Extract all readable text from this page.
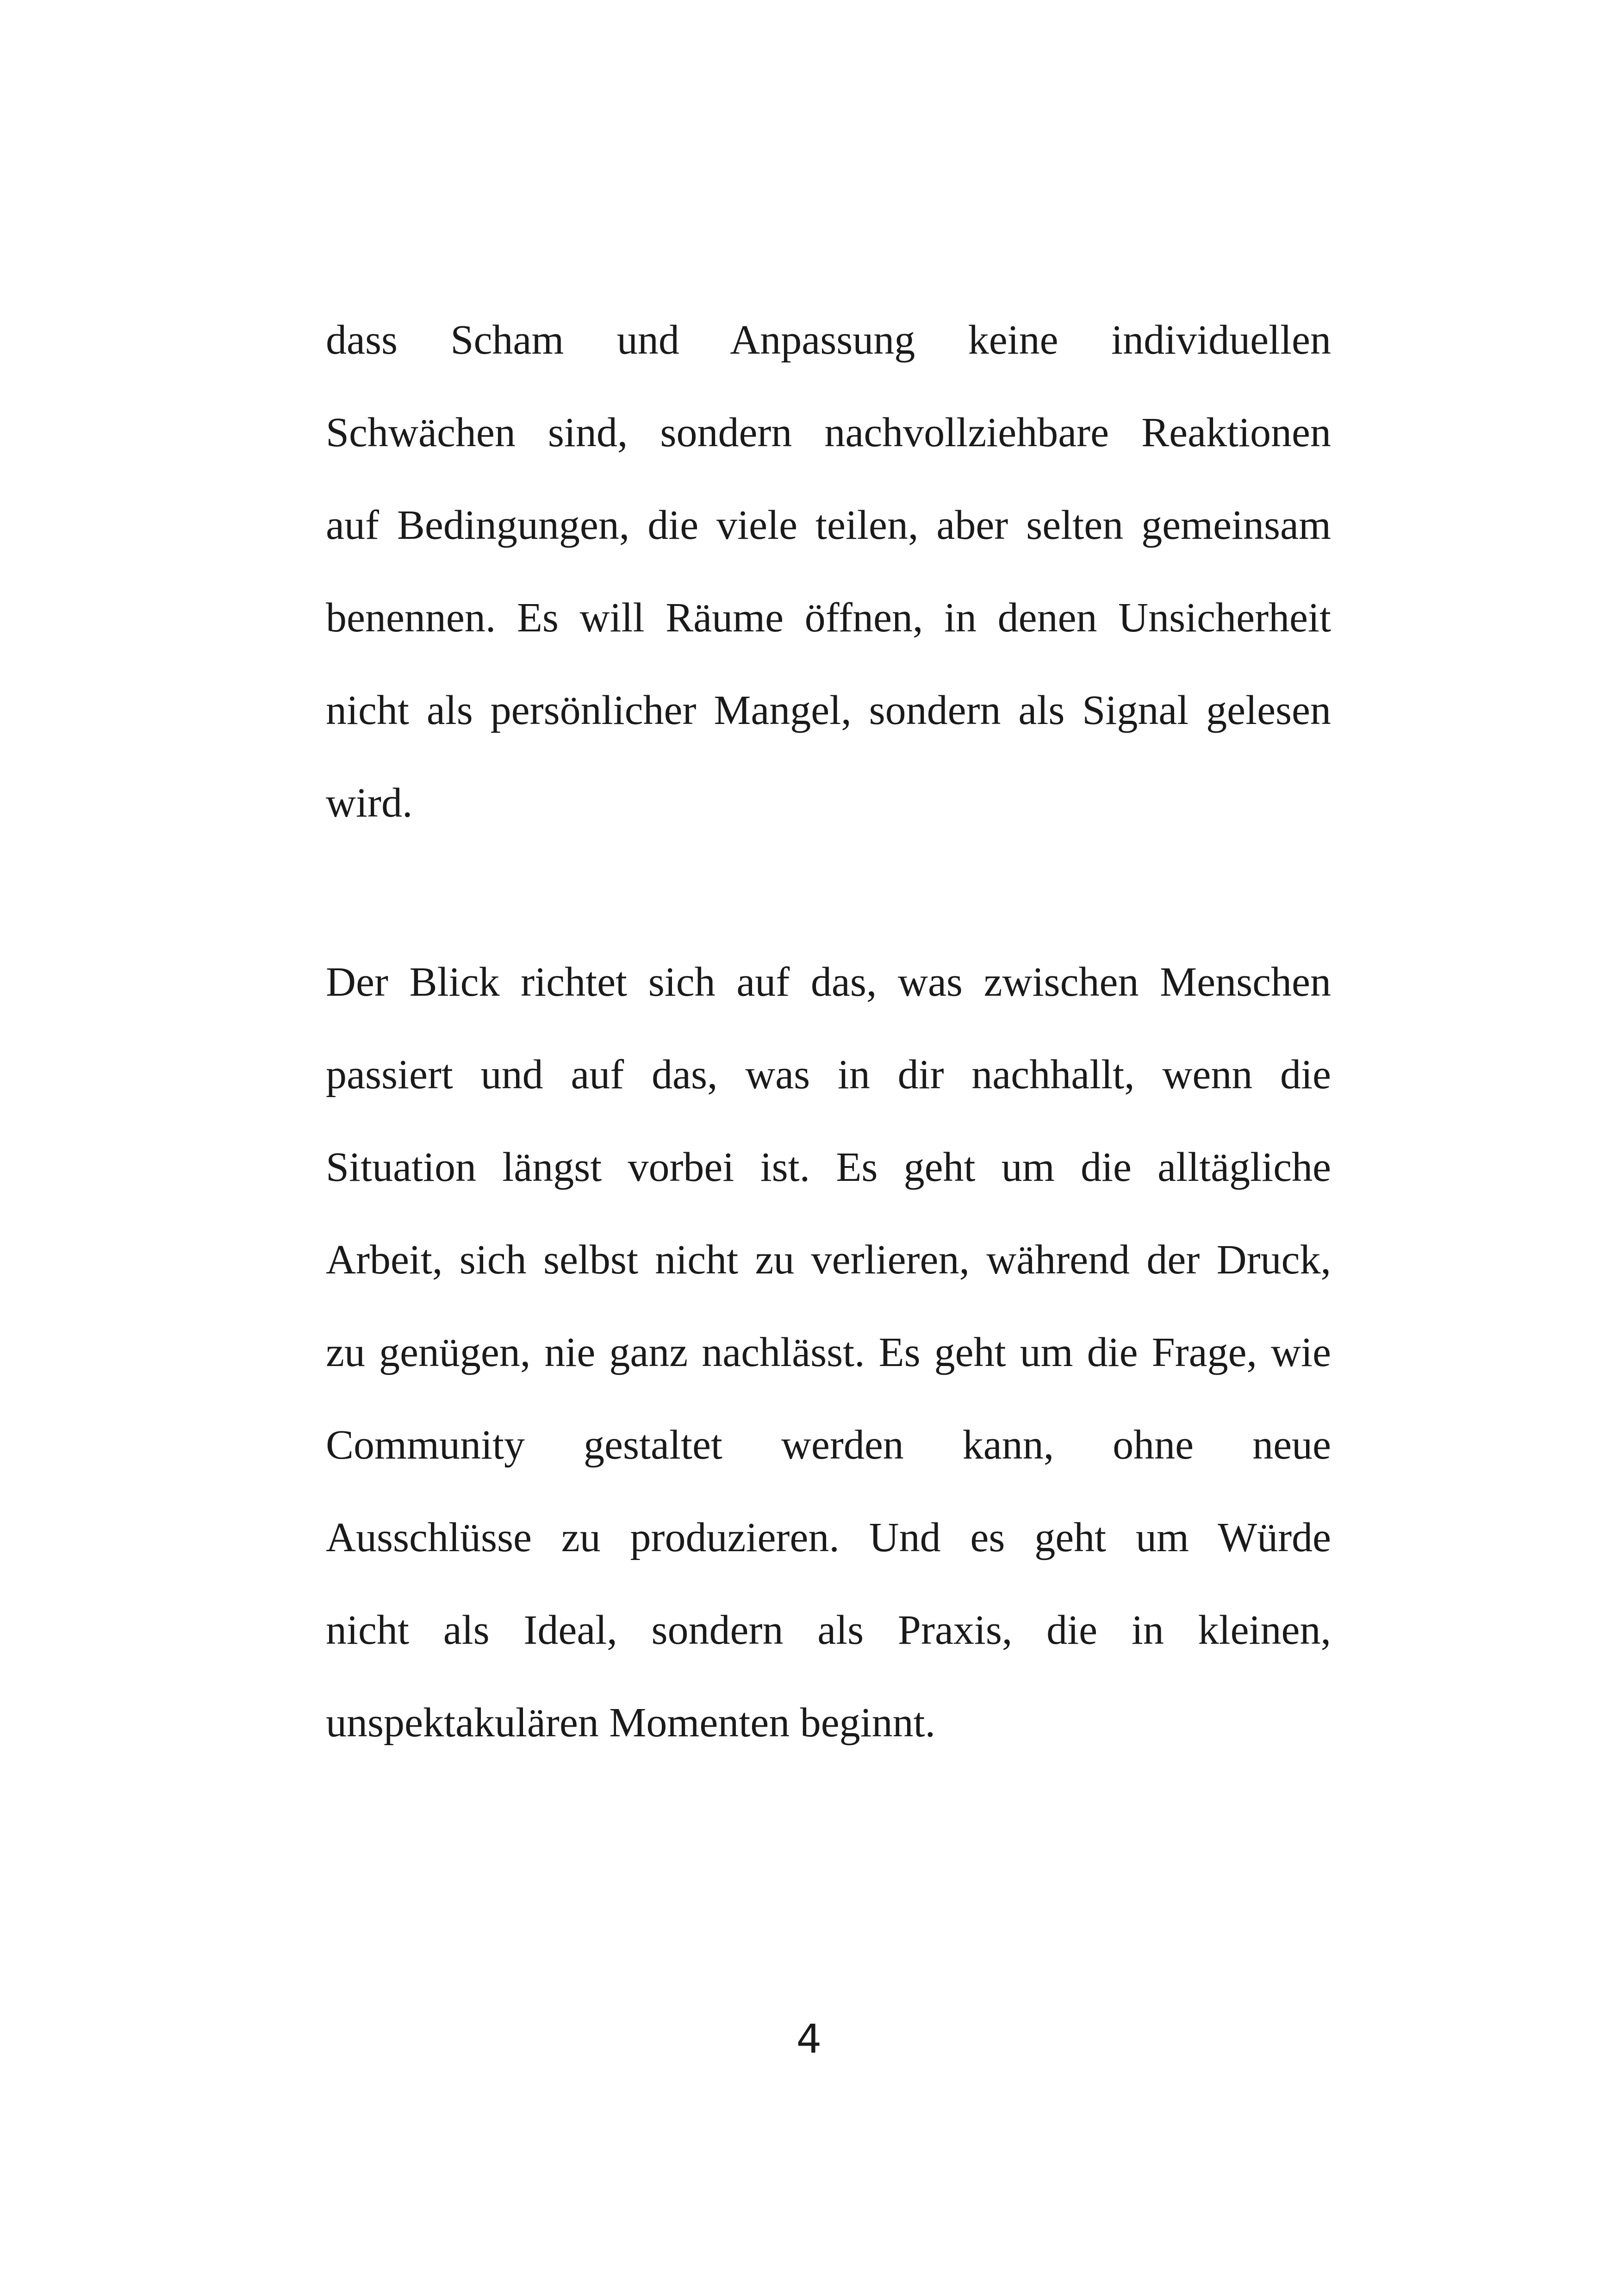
dass Scham und Anpassung keine individuellen
Schwächen sind, sondern nachvollziehbare Reaktionen
auf Bedingungen, die viele teilen, aber selten gemeinsam
benennen. Es will Räume öffnen, in denen Unsicherheit
nicht als persönlicher Mangel, sondern als Signal gelesen
wird.
Der Blick richtet sich auf das, was zwischen Menschen
passiert und auf das, was in dir nachhallt, wenn die
Situation längst vorbei ist. Es geht um die alltägliche
Arbeit, sich selbst nicht zu verlieren, während der Druck,
zu genügen, nie ganz nachlässt. Es geht um die Frage, wie
Community gestaltet werden kann, ohne neue
Ausschlüsse zu produzieren. Und es geht um Würde
nicht als Ideal, sondern als Praxis, die in kleinen,
unspektakulären Momenten beginnt.
4
